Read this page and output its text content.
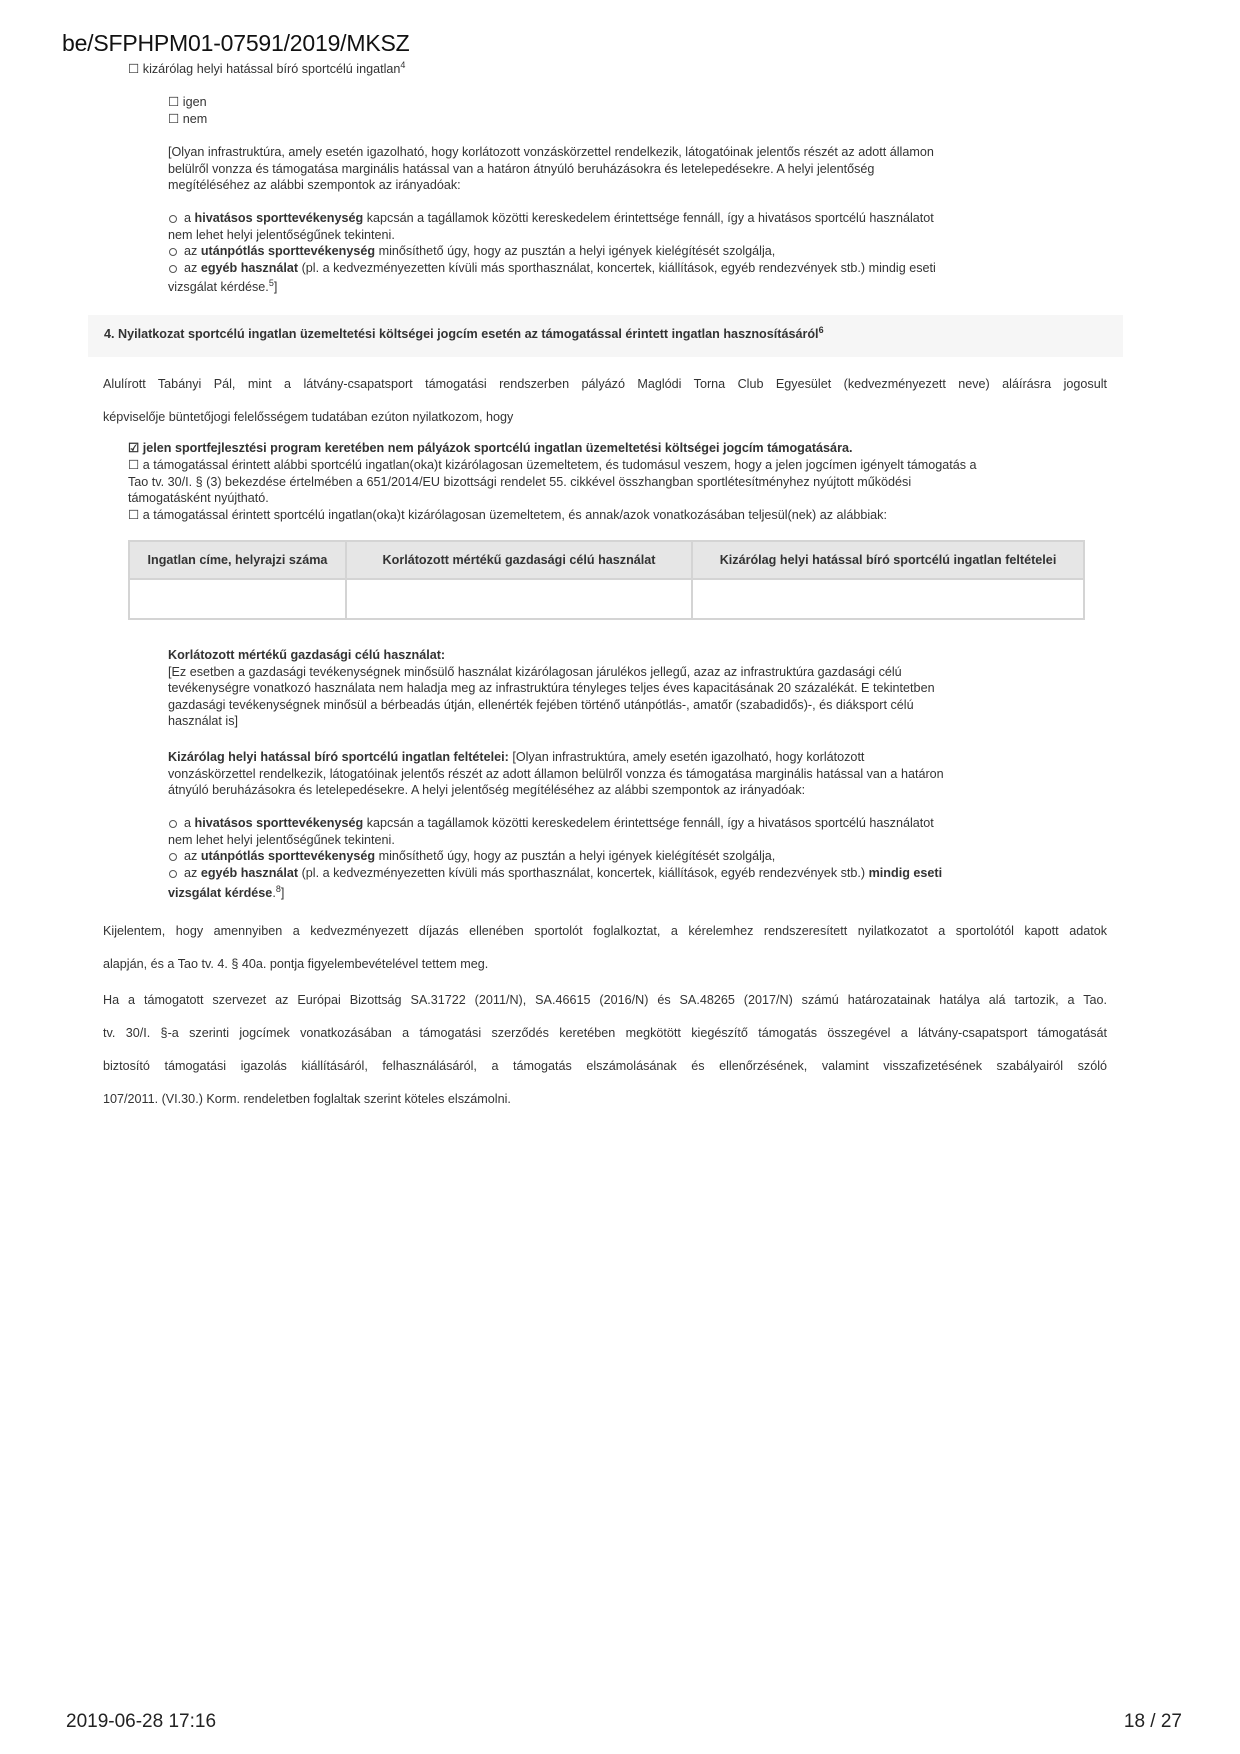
be/SFPHPM01-07591/2019/MKSZ
☐ kizárólag helyi hatással bíró sportcélú ingatlan$^4$
☐ igen
☐ nem
[Olyan infrastruktúra, amely esetén igazolható, hogy korlátozott vonzáskörzettel rendelkezik, látogatóinak jelentős részét az adott államon
belülről vonzza és támogatása marginális hatással van a határon átnyúló beruházásokra és letelepedésekre. A helyi jelentőség
megítéléséhez az alábbi szempontok az irányadóak:
a hivatásos sporttevékenység kapcsán a tagállamok közötti kereskedelem érintettsége fennáll, így a hivatásos sportcélú használatot
nem lehet helyi jelentőségűnek tekinteni.
az utánpótlás sporttevékenység minősíthető úgy, hogy az pusztán a helyi igények kielégítését szolgálja,
az egyéb használat (pl. a kedvezményezetten kívüli más sporthasználat, koncertek, kiállítások, egyéb rendezvények stb.) mindig eseti
vizsgálat kérdése.$^5$]
4. Nyilatkozat sportcélú ingatlan üzemeltetési költségei jogcím esetén az támogatással érintett ingatlan hasznosításáról$^6$
Alulírott Tabányi Pál, mint a látvány-csapatsport támogatási rendszerben pályázó Maglódi Torna Club Egyesület (kedvezményezett neve) aláírásra jogosult
képviselője büntetőjogi felelősségem tudatában ezúton nyilatkozom, hogy
☑ jelen sportfejlesztési program keretében nem pályázok sportcélú ingatlan üzemeltetési költségei jogcím támogatására.
☐ a támogatással érintett alábbi sportcélú ingatlan(oka)t kizárólagosan üzemeltetem, és tudomásul veszem, hogy a jelen jogcímen igényelt támogatás a
Tao tv. 30/I. § (3) bekezdése értelmében a 651/2014/EU bizottsági rendelet 55. cikkével összhangban sportlétesítményhez nyújtott működési
támogatásként nyújtható.
☐ a támogatással érintett sportcélú ingatlan(oka)t kizárólagosan üzemeltetem, és annak/azok vonatkozásában teljesül(nek) az alábbiak:
Ingatlan címe, helyrajzi száma	Korlátozott mértékű gazdasági célú használat	Kizárólag helyi hatással bíró sportcélú ingatlan feltételei

Korlátozott mértékű gazdasági célú használat:
[Ez esetben a gazdasági tevékenységnek minősülő használat kizárólagosan járulékos jellegű, azaz az infrastruktúra gazdasági célú
tevékenységre vonatkozó használata nem haladja meg az infrastruktúra tényleges teljes éves kapacitásának 20 százalékát. E tekintetben
gazdasági tevékenységnek minősül a bérbeadás útján, ellenérték fejében történő utánpótlás-, amatőr (szabadidős)-, és diáksport célú
használat is]
Kizárólag helyi hatással bíró sportcélú ingatlan feltételei: [Olyan infrastruktúra, amely esetén igazolható, hogy korlátozott
vonzáskörzettel rendelkezik, látogatóinak jelentős részét az adott államon belülről vonzza és támogatása marginális hatással van a határon
átnyúló beruházásokra és letelepedésekre. A helyi jelentőség megítéléséhez az alábbi szempontok az irányadóak:
a hivatásos sporttevékenység kapcsán a tagállamok közötti kereskedelem érintettsége fennáll, így a hivatásos sportcélú használatot
nem lehet helyi jelentőségűnek tekinteni.
az utánpótlás sporttevékenység minősíthető úgy, hogy az pusztán a helyi igények kielégítését szolgálja,
az egyéb használat (pl. a kedvezményezetten kívüli más sporthasználat, koncertek, kiállítások, egyéb rendezvények stb.) mindig eseti
vizsgálat kérdése.$^8$]
Kijelentem, hogy amennyiben a kedvezményezett díjazás ellenében sportolót foglalkoztat, a kérelemhez rendszeresített nyilatkozatot a sportolótól kapott adatok
alapján, és a Tao tv. 4. § 40a. pontja figyelembevételével tettem meg.
Ha a támogatott szervezet az Európai Bizottság SA.31722 (2011/N), SA.46615 (2016/N) és SA.48265 (2017/N) számú határozatainak hatálya alá tartozik, a Tao.
tv. 30/I. §-a szerinti jogcímek vonatkozásában a támogatási szerződés keretében megkötött kiegészítő támogatás összegével a látvány-csapatsport támogatását
biztosító támogatási igazolás kiállításáról, felhasználásáról, a támogatás elszámolásának és ellenőrzésének, valamint visszafizetésének szabályairól szóló
107/2011. (VI.30.) Korm. rendeletben foglaltak szerint köteles elszámolni.
2019-06-28 17:16	18 / 27
